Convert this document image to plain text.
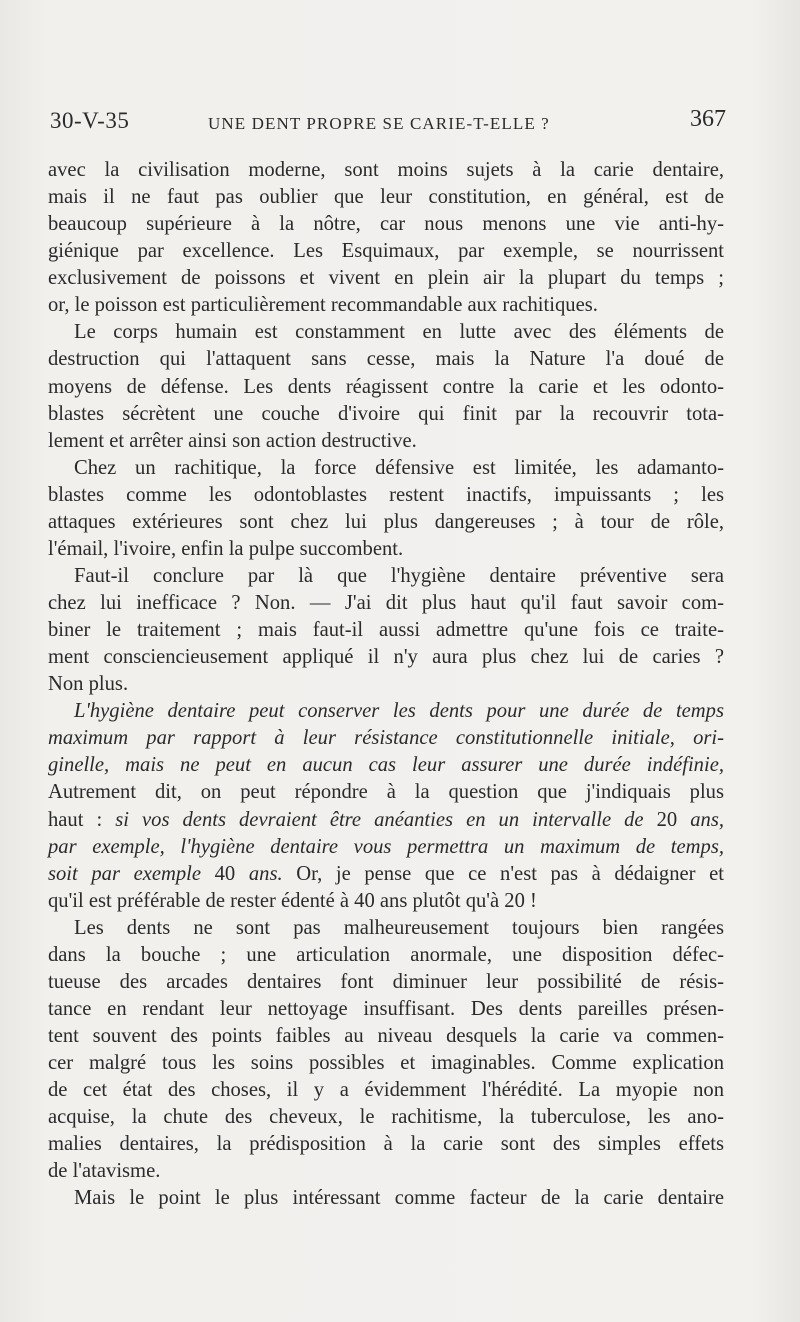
30-V-35	UNE DENT PROPRE SE CARIE-T-ELLE ?	367
avec la civilisation moderne, sont moins sujets à la carie dentaire,
mais il ne faut pas oublier que leur constitution, en général, est de
beaucoup supérieure à la nôtre, car nous menons une vie anti-hy-
giénique par excellence. Les Esquimaux, par exemple, se nourrissent
exclusivement de poissons et vivent en plein air la plupart du temps ;
or, le poisson est particulièrement recommandable aux rachitiques.
Le corps humain est constamment en lutte avec des éléments de
destruction qui l'attaquent sans cesse, mais la Nature l'a doué de
moyens de défense. Les dents réagissent contre la carie et les odonto-
blastes sécrètent une couche d'ivoire qui finit par la recouvrir tota-
lement et arrêter ainsi son action destructive.
Chez un rachitique, la force défensive est limitée, les adamanto-
blastes comme les odontoblastes restent inactifs, impuissants ; les
attaques extérieures sont chez lui plus dangereuses ; à tour de rôle,
l'émail, l'ivoire, enfin la pulpe succombent.
Faut-il conclure par là que l'hygiène dentaire préventive sera
chez lui inefficace ? Non. — J'ai dit plus haut qu'il faut savoir com-
biner le traitement ; mais faut-il aussi admettre qu'une fois ce traite-
ment consciencieusement appliqué il n'y aura plus chez lui de caries ?
Non plus.
L'hygiène dentaire peut conserver les dents pour une durée de temps
maximum par rapport à leur résistance constitutionnelle initiale, ori-
ginelle, mais ne peut en aucun cas leur assurer une durée indéfinie,
Autrement dit, on peut répondre à la question que j'indiquais plus
haut : si vos dents devraient être anéanties en un intervalle de 20 ans,
par exemple, l'hygiène dentaire vous permettra un maximum de temps,
soit par exemple 40 ans. Or, je pense que ce n'est pas à dédaigner et
qu'il est préférable de rester édenté à 40 ans plutôt qu'à 20 !
Les dents ne sont pas malheureusement toujours bien rangées
dans la bouche ; une articulation anormale, une disposition défec-
tueuse des arcades dentaires font diminuer leur possibilité de résis-
tance en rendant leur nettoyage insuffisant. Des dents pareilles présen-
tent souvent des points faibles au niveau desquels la carie va commen-
cer malgré tous les soins possibles et imaginables. Comme explication
de cet état des choses, il y a évidemment l'hérédité. La myopie non
acquise, la chute des cheveux, le rachitisme, la tuberculose, les ano-
malies dentaires, la prédisposition à la carie sont des simples effets
de l'atavisme.
Mais le point le plus intéressant comme facteur de la carie dentaire
